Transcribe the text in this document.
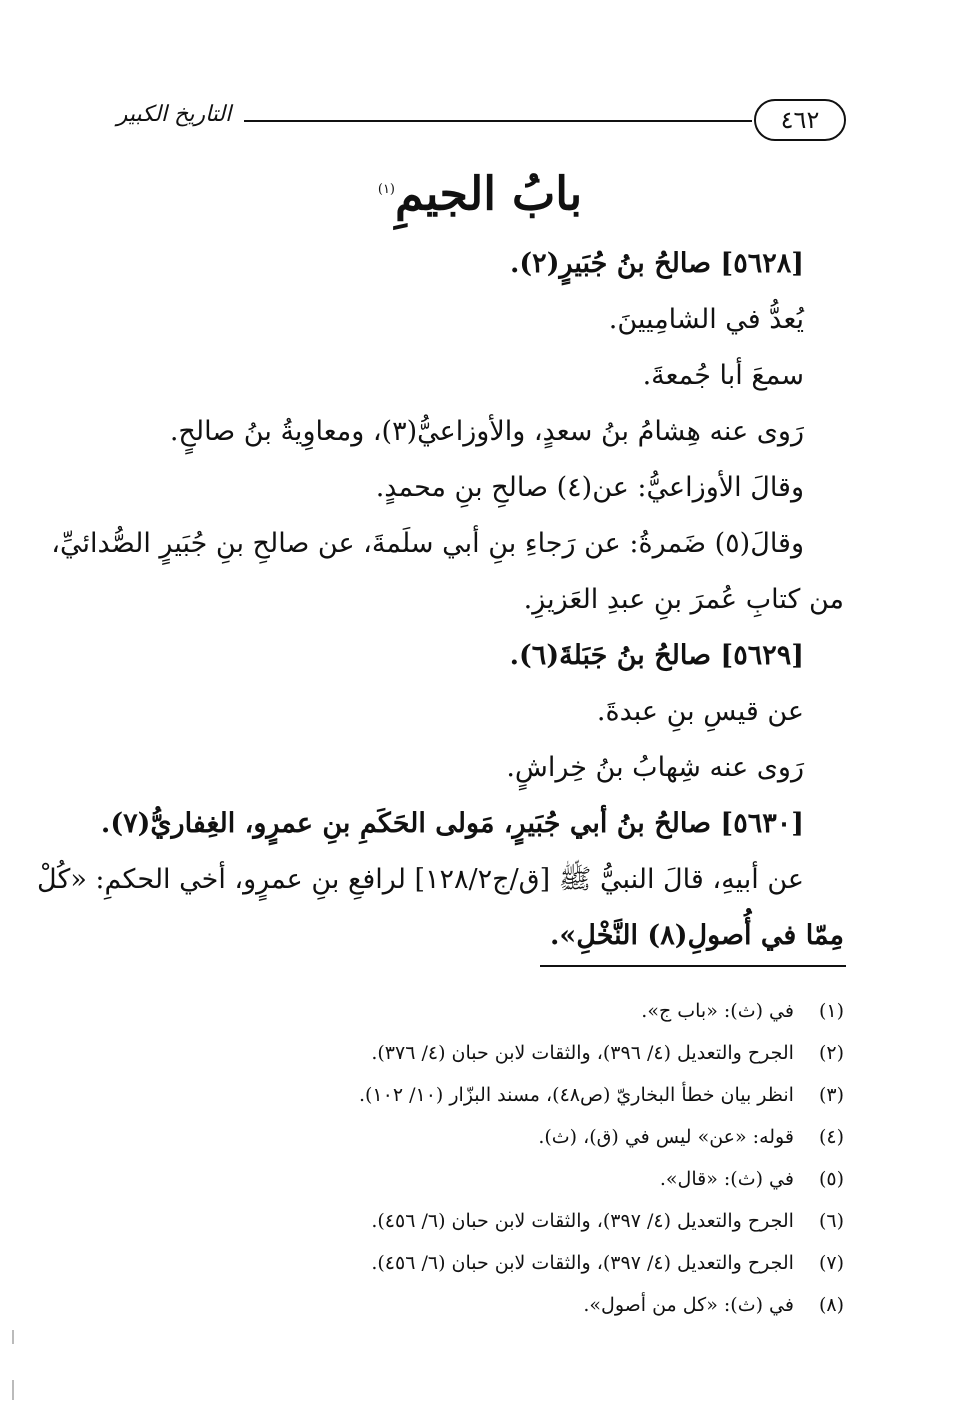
التاريخ الكبير	٤٦٢
بابُ الجيمِ$^{(١)}$
[٥٦٢٨] صالحُ بنُ جُبَيرٍ(٢).
يُعدُّ في الشامِيينَ.
سمعَ أبا جُمعةَ.
رَوى عنه هِشامُ بنُ سعدٍ، والأوزاعيُّ(٣)، ومعاوِيةُ بنُ صالحٍ.
وقالَ الأوزاعيُّ: عن(٤) صالحِ بنِ محمدٍ.
وقالَ(٥) ضَمرةُ: عن رَجاءِ بنِ أبي سلَمةَ، عن صالحِ بنِ جُبَيرٍ الصُّدائيِّ،
من كتابِ عُمرَ بنِ عبدِ العَزيزِ.
[٥٦٢٩] صالحُ بنُ جَبَلةَ(٦).
عن قيسِ بنِ عبدةَ.
رَوى عنه شِهابُ بنُ خِراشٍ.
[٥٦٣٠] صالحُ بنُ أبي جُبَيرٍ، مَولى الحَكَمِ بنِ عمرٍو، الغِفاريُّ(٧).
عن أبيهِ، قالَ النبيُّ ﷺ [ق/ج١٢٨/٢] لرافعِ بنِ عمرٍو، أخي الحكمِ: «كُلْ
مِمّا في أُصولِ(٨) النَّخْلِ».
(١) في (ث): «باب ج».
(٢) الجرح والتعديل (٤/ ٣٩٦)، والثقات لابن حبان (٤/ ٣٧٦).
(٣) انظر بيان خطأ البخاريّ (ص٤٨)، مسند البزّار (١٠/ ١٠٢).
(٤) قوله: «عن» ليس في (ق)، (ث).
(٥) في (ث): «قال».
(٦) الجرح والتعديل (٤/ ٣٩٧)، والثقات لابن حبان (٦/ ٤٥٦).
(٧) الجرح والتعديل (٤/ ٣٩٧)، والثقات لابن حبان (٦/ ٤٥٦).
(٨) في (ث): «كل من أصول».
